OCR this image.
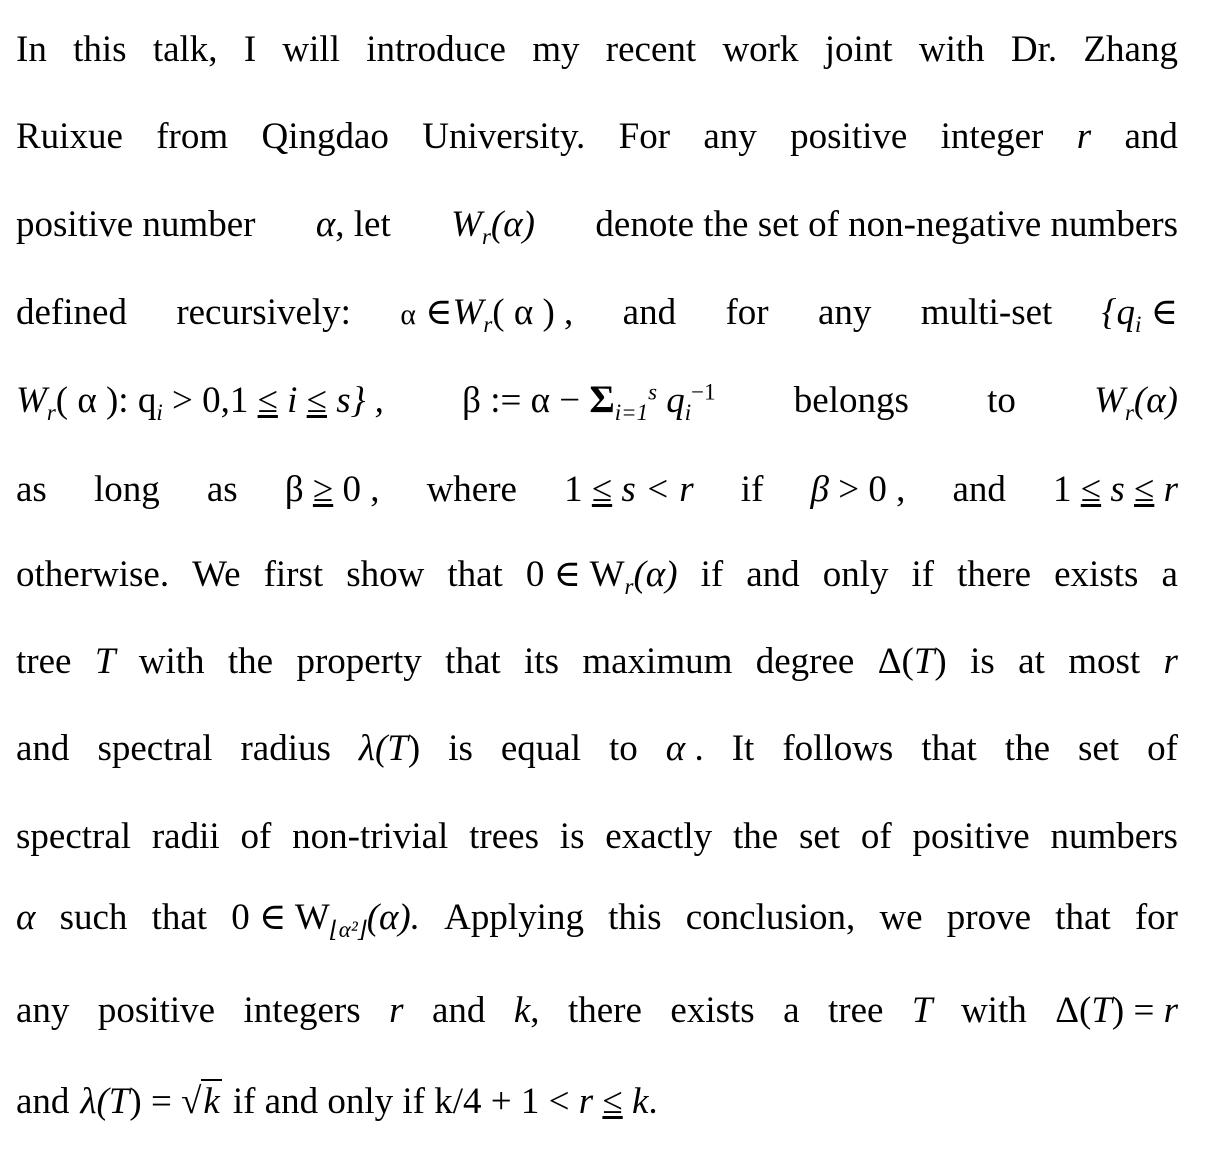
In this talk, I will introduce my recent work joint with Dr. Zhang
Ruixue from Qingdao University. For any positive integer r and
positive number α, let $W_r(\alpha)$ denote the set of non-negative numbers
defined recursively: α $\in W_r$( α ) , and for any multi-set {$q_i$ ∈
$W_r$( α ): $q_i > 0,1 \le i \le s$} , β := $\alpha - \Sigma_{i=1}^s$ $q_i^{-1}$ belongs to $W_r(\alpha)$
as long as β ≥ 0 , where 1 ≤ s < r if β > 0 , and 1 ≤ s ≤ r
otherwise. We first show that 0 ∈ $W_r(\alpha)$ if and only if there exists a
tree T with the property that its maximum degree Δ(T) is at most r
and spectral radius λ(T) is equal to α . It follows that the set of
spectral radii of non-trivial trees is exactly the set of positive numbers
α such that 0 ∈ $W_{⌊\alpha^2⌋}(\alpha)$. Applying this conclusion, we prove that for
any positive integers r and k, there exists a tree T with Δ(T) = r
and λ(T) = √k if and only if k/4 + 1 < r ≤ k.
